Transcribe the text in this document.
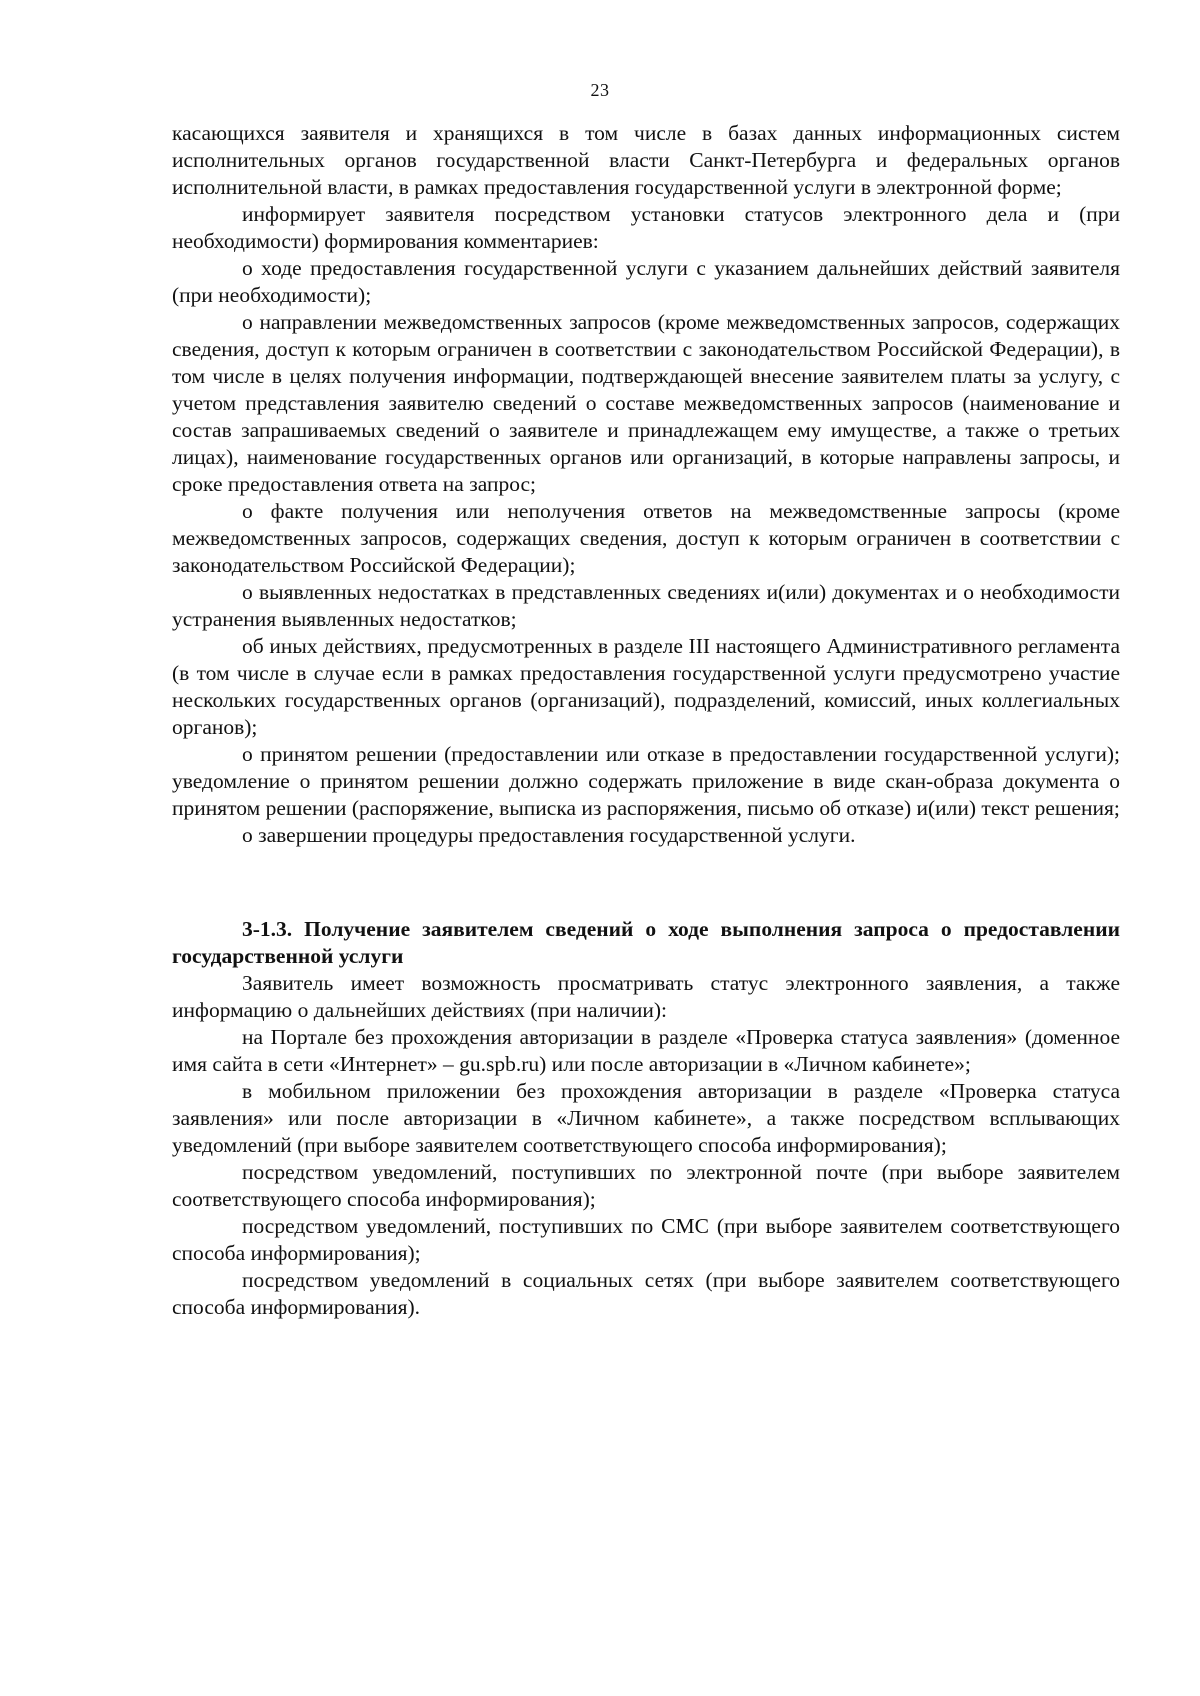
23

касающихся заявителя и хранящихся в том числе в базах данных информационных систем исполнительных органов государственной власти Санкт-Петербурга и федеральных органов исполнительной власти, в рамках предоставления государственной услуги в электронной форме;

информирует заявителя посредством установки статусов электронного дела и (при необходимости) формирования комментариев:

о ходе предоставления государственной услуги с указанием дальнейших действий заявителя (при необходимости);

о направлении межведомственных запросов (кроме межведомственных запросов, содержащих сведения, доступ к которым ограничен в соответствии с законодательством Российской Федерации), в том числе в целях получения информации, подтверждающей внесение заявителем платы за услугу, с учетом представления заявителю сведений о составе межведомственных запросов (наименование и состав запрашиваемых сведений о заявителе и принадлежащем ему имуществе, а также о третьих лицах), наименование государственных органов или организаций, в которые направлены запросы, и сроке предоставления ответа на запрос;

о факте получения или неполучения ответов на межведомственные запросы (кроме межведомственных запросов, содержащих сведения, доступ к которым ограничен в соответствии с законодательством Российской Федерации);

о выявленных недостатках в представленных сведениях и(или) документах и о необходимости устранения выявленных недостатков;

об иных действиях, предусмотренных в разделе III настоящего Административного регламента (в том числе в случае если в рамках предоставления государственной услуги предусмотрено участие нескольких государственных органов (организаций), подразделений, комиссий, иных коллегиальных органов);

о принятом решении (предоставлении или отказе в предоставлении государственной услуги); уведомление о принятом решении должно содержать приложение в виде скан-образа документа о принятом решении (распоряжение, выписка из распоряжения, письмо об отказе) и(или) текст решения;

о завершении процедуры предоставления государственной услуги.

3-1.3. Получение заявителем сведений о ходе выполнения запроса о предоставлении государственной услуги

Заявитель имеет возможность просматривать статус электронного заявления, а также информацию о дальнейших действиях (при наличии):

на Портале без прохождения авторизации в разделе «Проверка статуса заявления» (доменное имя сайта в сети «Интернет» – gu.spb.ru) или после авторизации в «Личном кабинете»;

в мобильном приложении без прохождения авторизации в разделе «Проверка статуса заявления» или после авторизации в «Личном кабинете», а также посредством всплывающих уведомлений (при выборе заявителем соответствующего способа информирования);

посредством уведомлений, поступивших по электронной почте (при выборе заявителем соответствующего способа информирования);

посредством уведомлений, поступивших по СМС (при выборе заявителем соответствующего способа информирования);

посредством уведомлений в социальных сетях (при выборе заявителем соответствующего способа информирования).
